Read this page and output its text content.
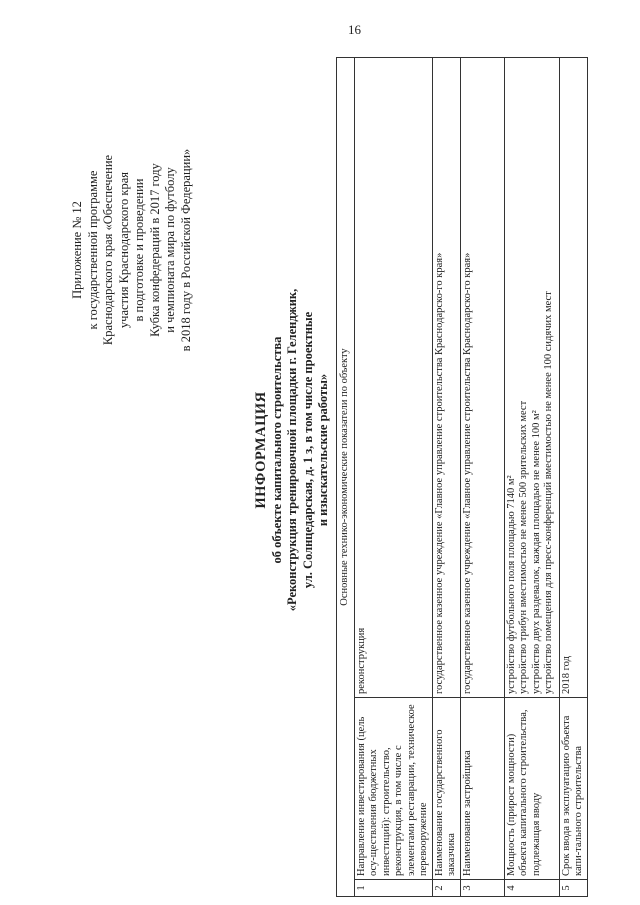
16
Приложение № 12 к государственной программе Краснодарского края «Обеспечение участия Краснодарского края в подготовке и проведении Кубка конфедераций в 2017 году и чемпионата мира по футболу в 2018 году в Российской Федерации»
ИНФОРМАЦИЯ об объекте капитального строительства «Реконструкция тренировочной площадки г. Геленджик, ул. Солнцедарская, д. 1 з, в том числе проектные и изыскательские работы» Основные технико-экономические показатели по объекту		
1	Направление инвестирования (цель осу-ществления бюджетных инвестиций): строительство, реконструкция, в том числе с элементами реставрации, техническое перевооружение	реконструкция
2	Наименование государственного заказчика	государственное казенное учреждение «Главное управление строительства Краснодарско-го края»
3	Наименование застройщика	государственное казенное учреждение «Главное управление строительства Краснодарско-го края»
4	Мощность (прирост мощности) объекта капитального строительства, подлежащая вводу	устройство футбольного поля площадью 7140 м² устройство трибун вместимостью не менее 500 зрительских мест устройство двух раздевалок, каждая площадью не менее 100 м² устройство помещения для пресс-конференций вместимостью не менее 100 сидячих мест

5	Срок ввода в эксплуатацию объекта капи-тального строительства	2018 год
